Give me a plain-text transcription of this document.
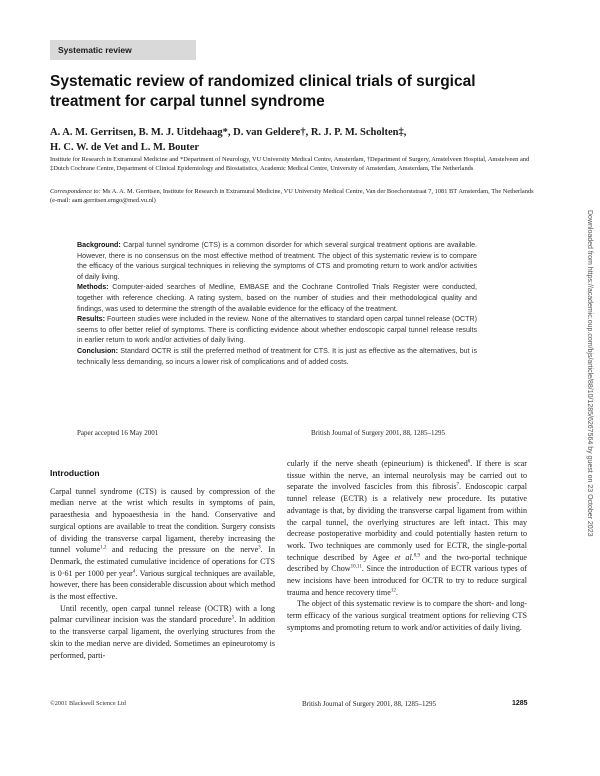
Systematic review
Systematic review of randomized clinical trials of surgical treatment for carpal tunnel syndrome
A. A. M. Gerritsen, B. M. J. Uitdehaag*, D. van Geldere†, R. J. P. M. Scholten‡,
H. C. W. de Vet and L. M. Bouter
Institute for Research in Extramural Medicine and *Department of Neurology, VU University Medical Centre, Amsterdam, †Department of Surgery, Amstelveen Hospital, Amstelveen and ‡Dutch Cochrane Centre, Department of Clinical Epidemiology and Biostatistics, Academic Medical Centre, University of Amsterdam, Amsterdam, The Netherlands
Correspondence to: Ms A. A. M. Gerritsen, Institute for Research in Extramural Medicine, VU University Medical Centre, Van der Boechorststraat 7, 1081 BT Amsterdam, The Netherlands (e-mail: aam.gerritsen.emgo@med.vu.nl)

Background: Carpal tunnel syndrome (CTS) is a common disorder for which several surgical treatment options are available. However, there is no consensus on the most effective method of treatment. The object of this systematic review is to compare the efficacy of the various surgical techniques in relieving the symptoms of CTS and promoting return to work and/or activities of daily living.

Methods: Computer-aided searches of Medline, EMBASE and the Cochrane Controlled Trials Register were conducted, together with reference checking. A rating system, based on the number of studies and their methodological quality and findings, was used to determine the strength of the available evidence for the efficacy of the treatment.

Results: Fourteen studies were included in the review. None of the alternatives to standard open carpal tunnel release (OCTR) seems to offer better relief of symptoms. There is conflicting evidence about whether endoscopic carpal tunnel release results in earlier return to work and/or activities of daily living.

Conclusion: Standard OCTR is still the preferred method of treatment for CTS. It is just as effective as the alternatives, but is technically less demanding, so incurs a lower risk of complications and of added costs.

Paper accepted 16 May 2001	British Journal of Surgery 2001, 88, 1285–1295
Introduction

Carpal tunnel syndrome (CTS) is caused by compression of the median nerve at the wrist which results in symptoms of pain, paraesthesia and hypoaesthesia in the hand. Conservative and surgical options are available to treat the condition. Surgery consists of dividing the transverse carpal ligament, thereby increasing the tunnel volume$^{1,2}$ and reducing the pressure on the nerve$^3$. In Denmark, the estimated cumulative incidence of operations for CTS is 0·61 per 1000 per year$^4$. Various surgical techniques are available, however, there has been considerable discussion about which method is the most effective.

Until recently, open carpal tunnel release (OCTR) with a long palmar curvilinear incision was the standard procedure$^5$. In addition to the transverse carpal ligament, the overlying structures from the skin to the median nerve are divided. Sometimes an epineurotomy is performed, parti-

cularly if the nerve sheath (epineurium) is thickened$^6$. If there is scar tissue within the nerve, an internal neurolysis may be carried out to separate the involved fascicles from this fibrosis$^7$. Endoscopic carpal tunnel release (ECTR) is a relatively new procedure. Its putative advantage is that, by dividing the transverse carpal ligament from within the carpal tunnel, the overlying structures are left intact. This may decrease postoperative morbidity and could potentially hasten return to work. Two techniques are commonly used for ECTR, the single-portal technique described by Agee et al.$^{8,9}$ and the two-portal technique described by Chow$^{10,11}$. Since the introduction of ECTR various types of new incisions have been introduced for OCTR to try to reduce surgical trauma and hence recovery time$^{12}$.

The object of this systematic review is to compare the short- and long-term efficacy of the various surgical treatment options for relieving CTS symptoms and promoting return to work and/or activities of daily living.

©2001 Blackwell Science Ltd	British Journal of Surgery 2001, 88, 1285–1295	1285
Downloaded from https://academic.oup.com/bjs/article/88/10/1285/6267564 by guest on 23 October 2023
